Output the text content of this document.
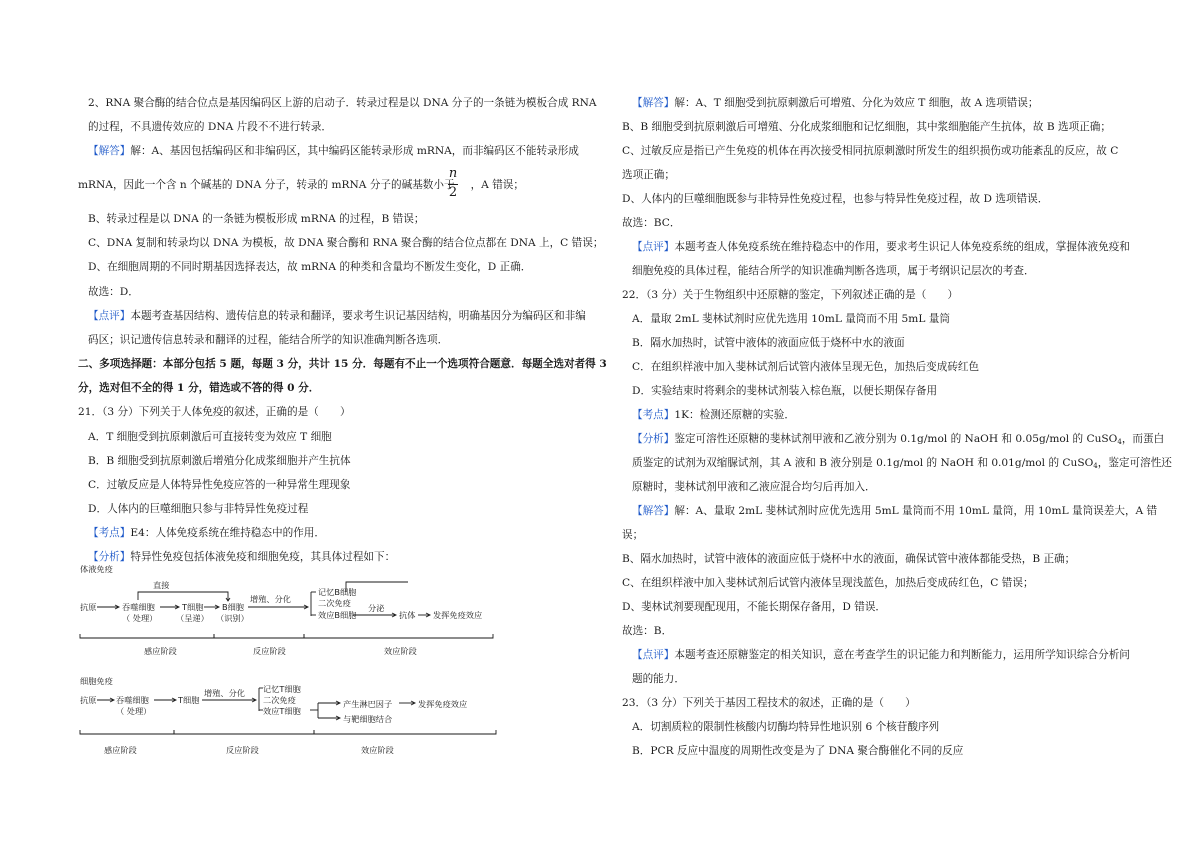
2、RNA 聚合酶的结合位点是基因编码区上游的启动子．转录过程是以 DNA 分子的一条链为模板合成 RNA
的过程，不具遗传效应的 DNA 片段不不进行转录．
【解答】解：A、基因包括编码区和非编码区，其中编码区能转录形成 mRNA，而非编码区不能转录形成
mRNA，因此一个含 n 个碱基的 DNA 分子，转录的 mRNA 分子的碱基数小于 ，A 错误；
n
2
B、转录过程是以 DNA 的一条链为模板形成 mRNA 的过程，B 错误；
C、DNA 复制和转录均以 DNA 为模板，故 DNA 聚合酶和 RNA 聚合酶的结合位点都在 DNA 上，C 错误；
D、在细胞周期的不同时期基因选择表达，故 mRNA 的种类和含量均不断发生变化，D 正确．
故选：D．
【点评】本题考查基因结构、遗传信息的转录和翻译，要求考生识记基因结构，明确基因分为编码区和非编
码区；识记遗传信息转录和翻译的过程，能结合所学的知识准确判断各选项．
二、多项选择题：本部分包括 5 题，每题 3 分，共计 15 分．每题有不止一个选项符合题意．每题全选对者得 3
分，选对但不全的得 1 分，错选或不答的得 0 分．
21．（3 分）下列关于人体免疫的叙述，正确的是（　　）
A．T 细胞受到抗原刺激后可直接转变为效应 T 细胞
B．B 细胞受到抗原刺激后增殖分化成浆细胞并产生抗体
C．过敏反应是人体特异性免疫应答的一种异常生理现象
D．人体内的巨噬细胞只参与非特异性免疫过程
【考点】E4：人体免疫系统在维持稳态中的作用．
【分析】特异性免疫包括体液免疫和细胞免疫，其具体过程如下：
体液免疫
直接
抗原	吞噬细胞
（ 处理）
T细胞
（呈递）
B细胞
（识别）
增殖、分化
记忆B细胞
二次免疫
效应B细胞
分泌
抗体 发挥免疫效应
感应阶段	反应阶段	效应阶段
细胞免疫
抗原 吞噬细胞
（ 处理）
T细胞
增殖、分化 记忆T细胞
二次免疫
效应T细胞
产生淋巴因子
与靶细胞结合
发挥免疫效应
感应阶段	反应阶段	效应阶段
【解答】解：A、T 细胞受到抗原刺激后可增殖、分化为效应 T 细胞，故 A 选项错误；
B、B 细胞受到抗原刺激后可增殖、分化成浆细胞和记忆细胞，其中浆细胞能产生抗体，故 B 选项正确；
C、过敏反应是指已产生免疫的机体在再次接受相同抗原刺激时所发生的组织损伤或功能紊乱的反应，故 C
选项正确；
D、人体内的巨噬细胞既参与非特异性免疫过程，也参与特异性免疫过程，故 D 选项错误．
故选：BC．
【点评】本题考查人体免疫系统在维持稳态中的作用，要求考生识记人体免疫系统的组成，掌握体液免疫和
细胞免疫的具体过程，能结合所学的知识准确判断各选项，属于考纲识记层次的考查．
22．（3 分）关于生物组织中还原糖的鉴定，下列叙述正确的是（　　）
A．量取 2mL 斐林试剂时应优先选用 10mL 量筒而不用 5mL 量筒
B．隔水加热时，试管中液体的液面应低于烧杯中水的液面
C．在组织样液中加入斐林试剂后试管内液体呈现无色，加热后变成砖红色
D．实验结束时将剩余的斐林试剂装入棕色瓶，以便长期保存备用
【考点】1K：检测还原糖的实验．
【分析】鉴定可溶性还原糖的斐林试剂甲液和乙液分别为 0.1g/mol 的 NaOH 和 0.05g/mol 的 CuSO$_4$，而蛋白
质鉴定的试剂为双缩脲试剂，其 A 液和 B 液分别是 0.1g/mol 的 NaOH 和 0.01g/mol 的 CuSO$_4$，鉴定可溶性还
原糖时，斐林试剂甲液和乙液应混合均匀后再加入．
【解答】解：A、量取 2mL 斐林试剂时应优先选用 5mL 量筒而不用 10mL 量筒，用 10mL 量筒误差大，A 错
误；
B、隔水加热时，试管中液体的液面应低于烧杯中水的液面，确保试管中液体都能受热，B 正确；
C、在组织样液中加入斐林试剂后试管内液体呈现浅蓝色，加热后变成砖红色，C 错误；
D、斐林试剂要现配现用，不能长期保存备用，D 错误．
故选：B．
【点评】本题考查还原糖鉴定的相关知识，意在考查学生的识记能力和判断能力，运用所学知识综合分析问
题的能力．
23．（3 分）下列关于基因工程技术的叙述，正确的是（　　）
A．切割质粒的限制性核酸内切酶均特异性地识别 6 个核苷酸序列
B．PCR 反应中温度的周期性改变是为了 DNA 聚合酶催化不同的反应
